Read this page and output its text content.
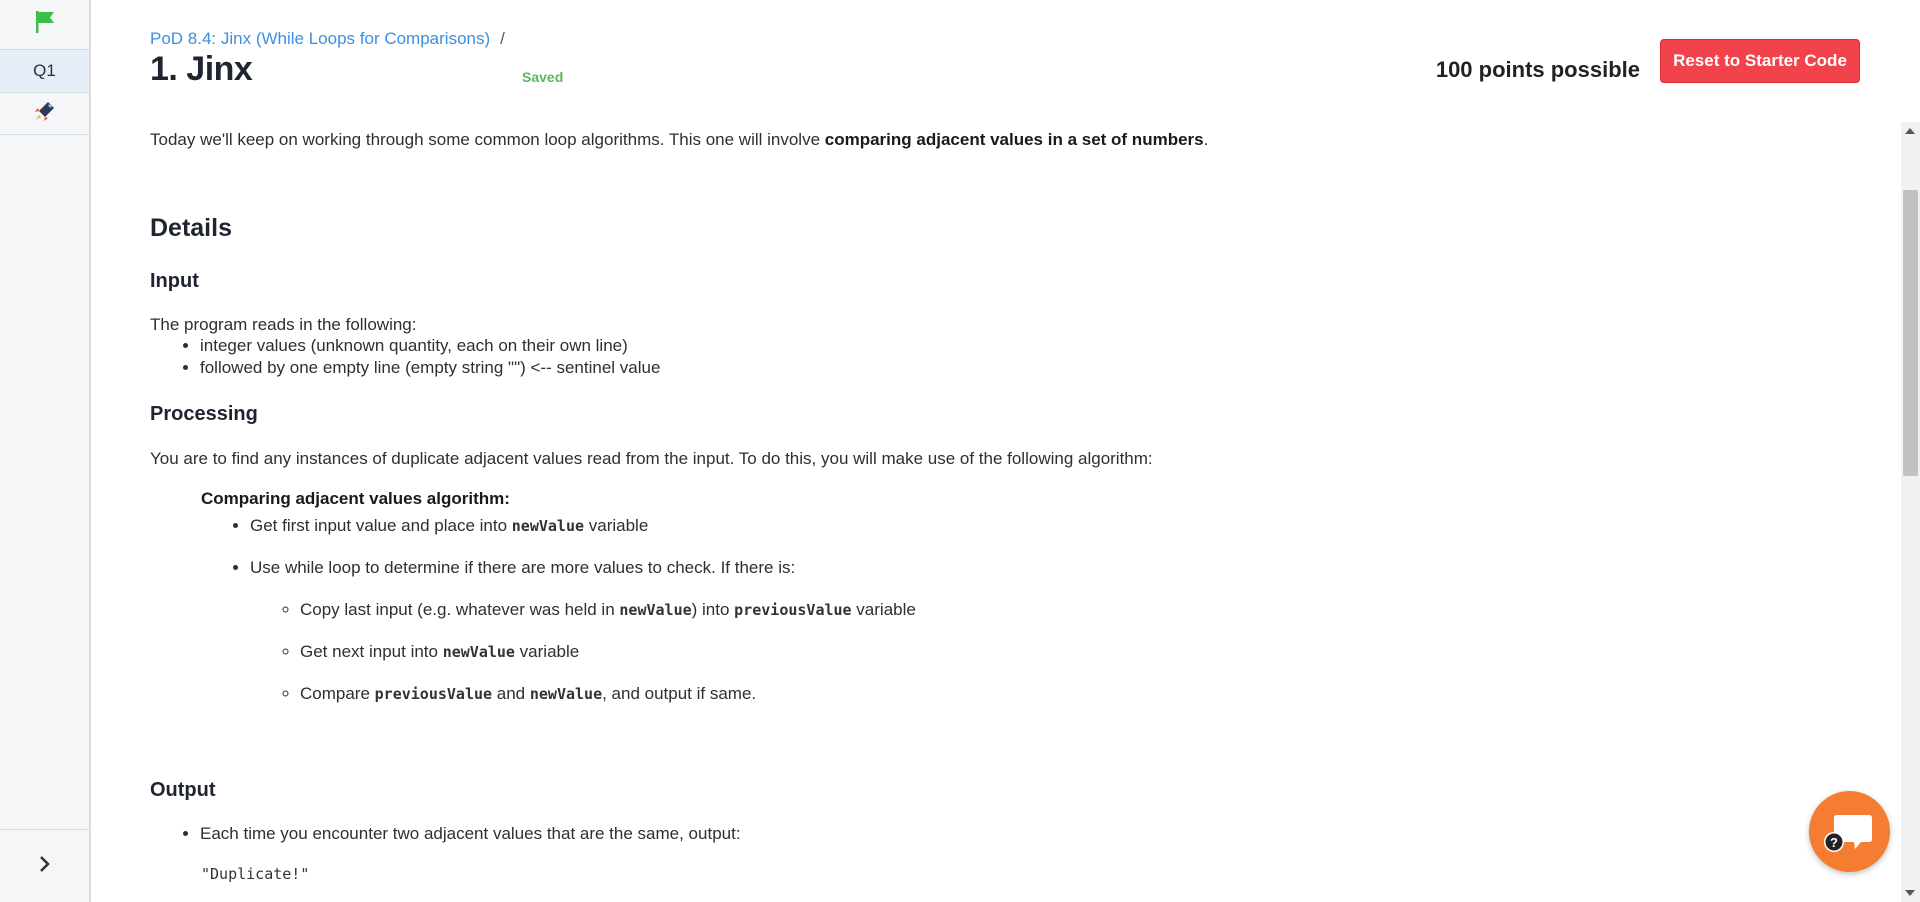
Q1
PoD 8.4: Jinx (While Loops for Comparisons) /
1. Jinx	Saved	100 points possible	Reset to Starter Code

Today we'll keep on working through some common loop algorithms. This one will involve comparing adjacent values in a set of numbers.

Details
Input

The program reads in the following:

• integer values (unknown quantity, each on their own line)
• followed by one empty line (empty string "") <-- sentinel value
Processing

You are to find any instances of duplicate adjacent values read from the input. To do this, you will make use of the following algorithm:

Comparing adjacent values algorithm:
• Get first input value and place into newValue variable
• Use while loop to determine if there are more values to check. If there is:
◦ Copy last input (e.g. whatever was held in newValue) into previousValue variable
◦ Get next input into newValue variable
◦ Compare previousValue and newValue, and output if same.
Output
• Each time you encounter two adjacent values that are the same, output:
"Duplicate!"
?
